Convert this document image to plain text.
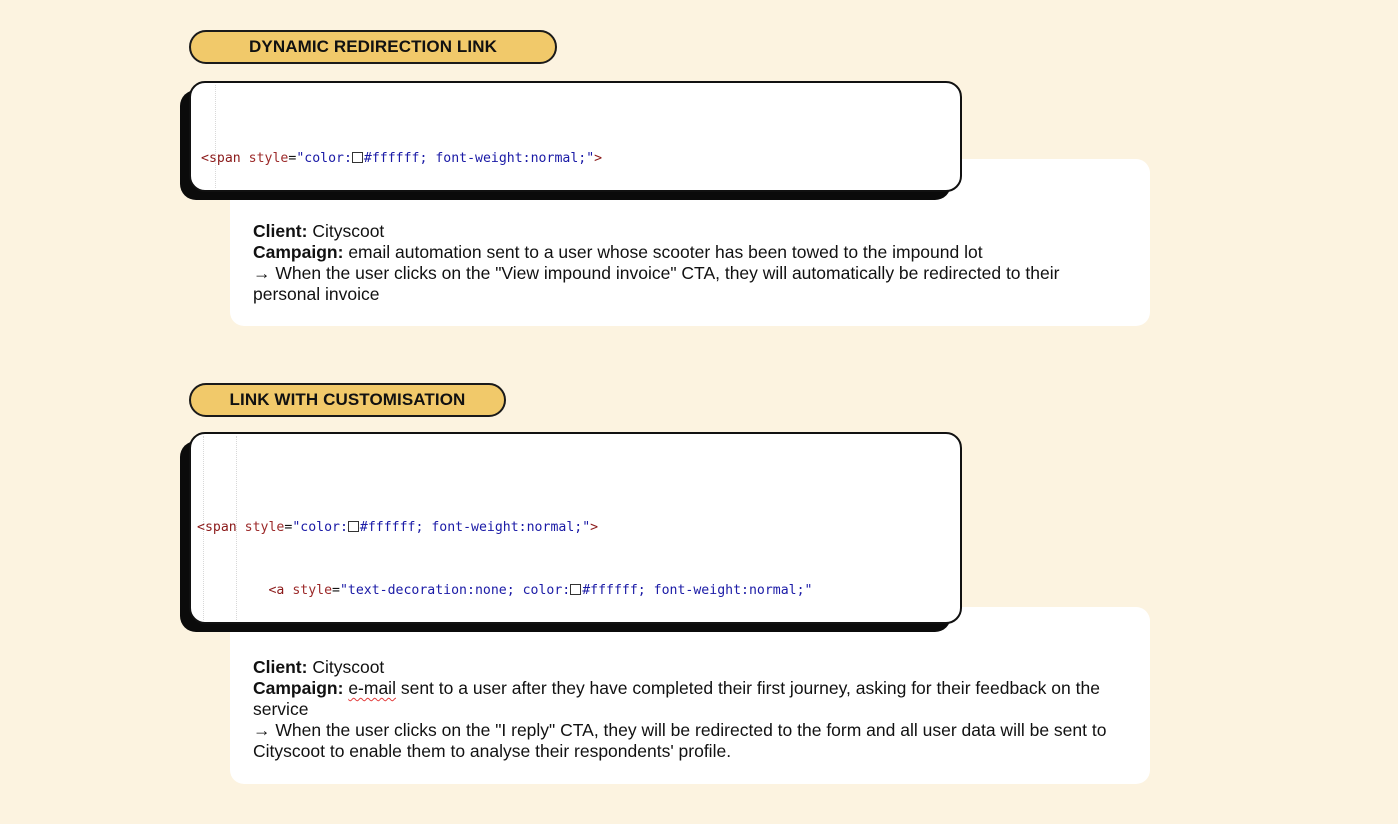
DYNAMIC REDIRECTION LINK

Client: Cityscoot

Campaign: email automation sent to a user whose scooter has been towed to the impound lot

→ When the user clicks on the "View impound invoice" CTA, they will automatically be redirected to their personal invoice

<span style="color: #ffffff; font-weight:normal;">

LINK WITH CUSTOMISATION

Client: Cityscoot

Campaign: e-mail sent to a user after they have completed their first journey, asking for their feedback on the service

→ When the user clicks on the "I reply" CTA, they will be redirected to the form and all user data will be sent to Cityscoot to enable them to analyse their respondents' profile.

<span style="color: #ffffff; font-weight:normal;">

<a style="text-decoration:none; color: #ffffff; font-weight:normal;"
